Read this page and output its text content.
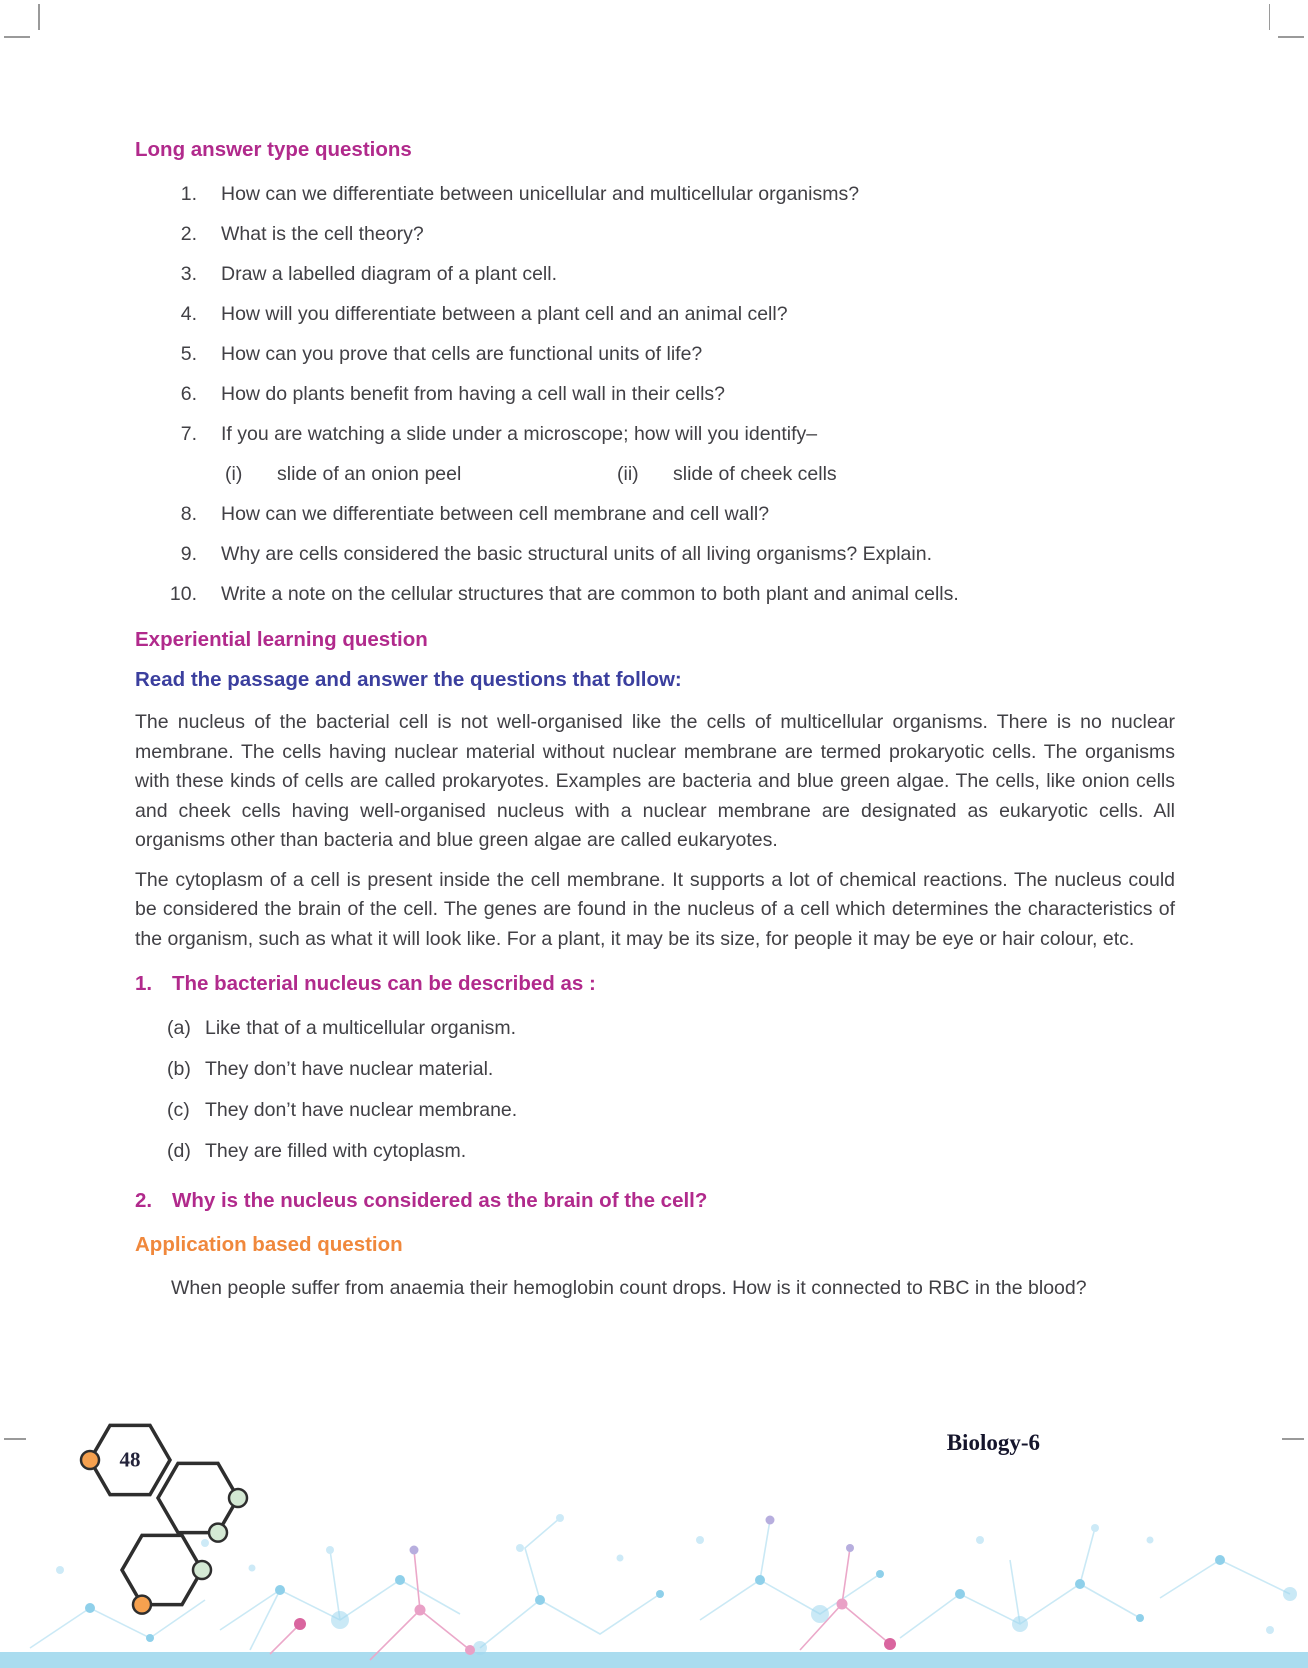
Long answer type questions
1.	How can we differentiate between unicellular and multicellular organisms?
2.	What is the cell theory?
3.	Draw a labelled diagram of a plant cell.
4.	How will you differentiate between a plant cell and an animal cell?
5.	How can you prove that cells are functional units of life?
6.	How do plants benefit from having a cell wall in their cells?
7.	If you are watching a slide under a microscope; how will you identify–
(i)	slide of an onion peel	(ii)	slide of cheek cells
8.	How can we differentiate between cell membrane and cell wall?
9.	Why are cells considered the basic structural units of all living organisms? Explain.
10.	Write a note on the cellular structures that are common to both plant and animal cells.
Experiential learning question
Read the passage and answer the questions that follow:

The nucleus of the bacterial cell is not well-organised like the cells of multicellular organisms. There is no nuclear membrane. The cells having nuclear material without nuclear membrane are termed prokaryotic cells. The organisms with these kinds of cells are called prokaryotes. Examples are bacteria and blue green algae. The cells, like onion cells and cheek cells having well-organised nucleus with a nuclear membrane are designated as eukaryotic cells. All organisms other than bacteria and blue green algae are called eukaryotes.

The cytoplasm of a cell is present inside the cell membrane. It supports a lot of chemical reactions. The nucleus could be considered the brain of the cell. The genes are found in the nucleus of a cell which determines the characteristics of the organism, such as what it will look like. For a plant, it may be its size, for people it may be eye or hair colour, etc.

1. The bacterial nucleus can be described as :
(a) Like that of a multicellular organism.
(b) They don’t have nuclear material.
(c) They don’t have nuclear membrane.
(d) They are filled with cytoplasm.
2. Why is the nucleus considered as the brain of the cell?
Application based question

When people suffer from anaemia their hemoglobin count drops. How is it connected to RBC in the blood?

48
Biology-6
